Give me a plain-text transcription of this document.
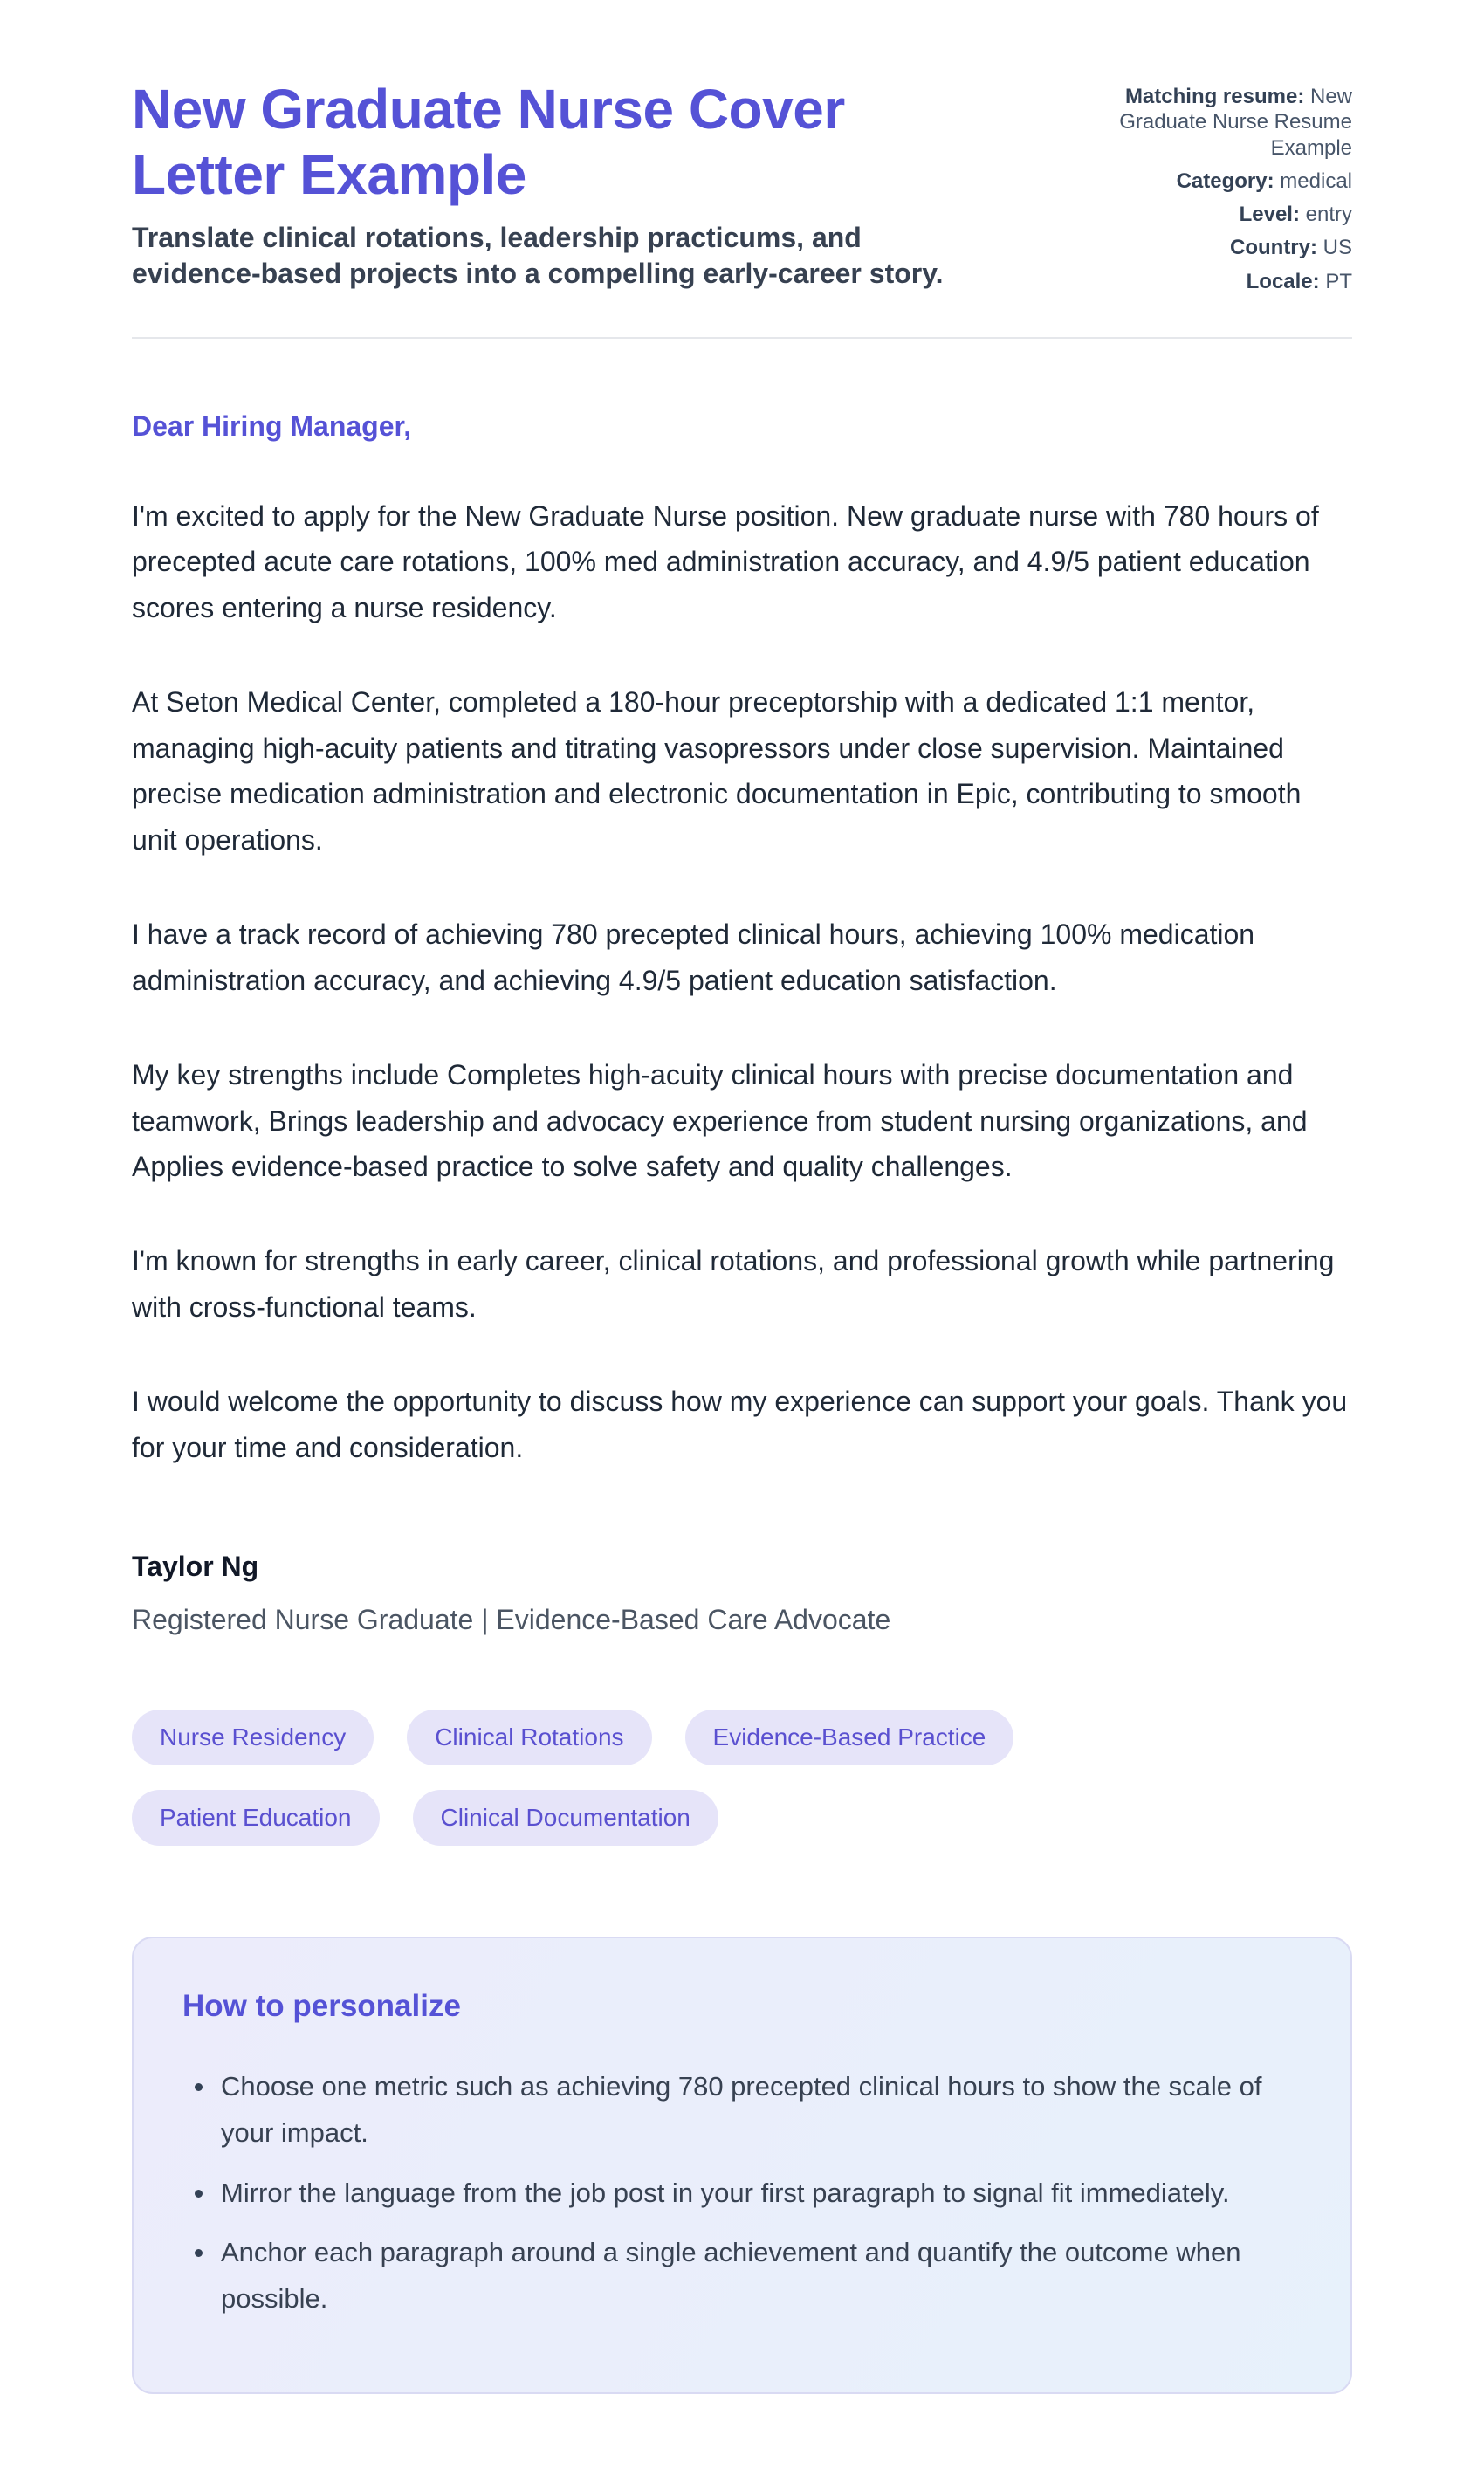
New Graduate Nurse Cover Letter Example
Translate clinical rotations, leadership practicums, and evidence-based projects into a compelling early-career story.
Matching resume: New Graduate Nurse Resume Example
Category: medical
Level: entry
Country: US
Locale: PT
Dear Hiring Manager,

I'm excited to apply for the New Graduate Nurse position. New graduate nurse with 780 hours of precepted acute care rotations, 100% med administration accuracy, and 4.9/5 patient education scores entering a nurse residency.

At Seton Medical Center, completed a 180-hour preceptorship with a dedicated 1:1 mentor, managing high-acuity patients and titrating vasopressors under close supervision. Maintained precise medication administration and electronic documentation in Epic, contributing to smooth unit operations.

I have a track record of achieving 780 precepted clinical hours, achieving 100% medication administration accuracy, and achieving 4.9/5 patient education satisfaction.

My key strengths include Completes high-acuity clinical hours with precise documentation and teamwork, Brings leadership and advocacy experience from student nursing organizations, and Applies evidence-based practice to solve safety and quality challenges.

I'm known for strengths in early career, clinical rotations, and professional growth while partnering with cross-functional teams.

I would welcome the opportunity to discuss how my experience can support your goals. Thank you for your time and consideration.

Taylor Ng
Registered Nurse Graduate | Evidence-Based Care Advocate
Nurse Residency	Clinical Rotations	Evidence-Based Practice
Patient Education	Clinical Documentation
How to personalize
Choose one metric such as achieving 780 precepted clinical hours to show the scale of your impact.
Mirror the language from the job post in your first paragraph to signal fit immediately.
Anchor each paragraph around a single achievement and quantify the outcome when possible.
